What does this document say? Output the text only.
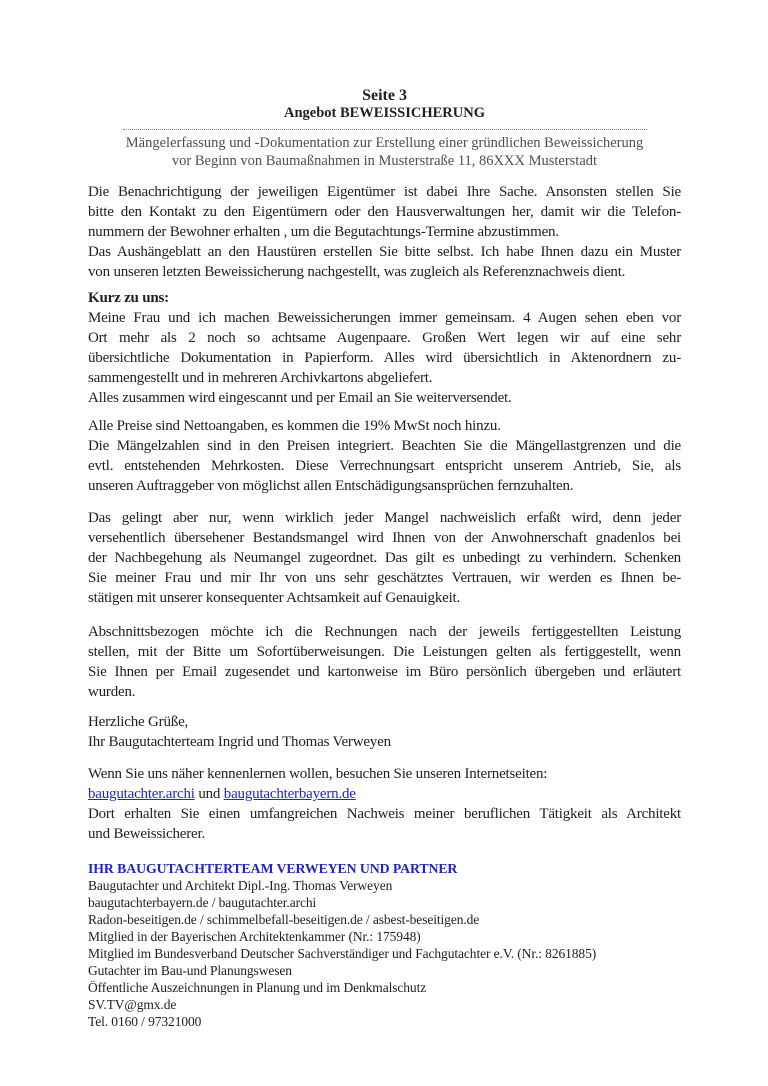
Seite 3
Angebot BEWEISSICHERUNG
Mängelerfassung und -Dokumentation zur Erstellung einer gründlichen Beweissicherung
vor Beginn von Baumaßnahmen in Musterstraße 11, 86XXX Musterstadt
Die Benachrichtigung der jeweiligen Eigentümer ist dabei Ihre Sache. Ansonsten stellen Sie
bitte den Kontakt zu den Eigentümern oder den Hausverwaltungen her, damit wir die Telefon-
nummern der Bewohner erhalten , um die Begutachtungs-Termine abzustimmen.
Das Aushängeblatt an den Haustüren erstellen Sie bitte selbst. Ich habe Ihnen dazu ein Muster
von unseren letzten Beweissicherung nachgestellt, was zugleich als Referenznachweis dient.
Kurz zu uns:
Meine Frau und ich machen Beweissicherungen immer gemeinsam. 4 Augen sehen eben vor
Ort mehr als 2 noch so achtsame Augenpaare. Großen Wert legen wir auf eine sehr
übersichtliche Dokumentation in Papierform. Alles wird übersichtlich in Aktenordnern zu-
sammengestellt und in mehreren Archivkartons abgeliefert.
Alles zusammen wird eingescannt und per Email an Sie weiterversendet.
Alle Preise sind Nettoangaben, es kommen die 19% MwSt noch hinzu.
Die Mängelzahlen sind in den Preisen integriert. Beachten Sie die Mängellastgrenzen und die
evtl. entstehenden Mehrkosten. Diese Verrechnungsart entspricht unserem Antrieb, Sie, als
unseren Auftraggeber von möglichst allen Entschädigungsansprüchen fernzuhalten.
Das gelingt aber nur, wenn wirklich jeder Mangel nachweislich erfaßt wird, denn jeder
versehentlich übersehener Bestandsmangel wird Ihnen von der Anwohnerschaft gnadenlos bei
der Nachbegehung als Neumangel zugeordnet. Das gilt es unbedingt zu verhindern. Schenken
Sie meiner Frau und mir Ihr von uns sehr geschätztes Vertrauen, wir werden es Ihnen be-
stätigen mit unserer konsequenter Achtsamkeit auf Genauigkeit.
Abschnittsbezogen möchte ich die Rechnungen nach der jeweils fertiggestellten Leistung
stellen, mit der Bitte um Sofortüberweisungen. Die Leistungen gelten als fertiggestellt, wenn
Sie Ihnen per Email zugesendet und kartonweise im Büro persönlich übergeben und erläutert
wurden.
Herzliche Grüße,
Ihr Baugutachterteam Ingrid und Thomas Verweyen
Wenn Sie uns näher kennenlernen wollen, besuchen Sie unseren Internetseiten:
baugutachter.archi und baugutachterbayern.de
Dort erhalten Sie einen umfangreichen Nachweis meiner beruflichen Tätigkeit als Architekt
und Beweissicherer.
IHR BAUGUTACHTERTEAM VERWEYEN UND PARTNER
Baugutachter und Architekt Dipl.-Ing. Thomas Verweyen
baugutachterbayern.de / baugutachter.archi
Radon-beseitigen.de / schimmelbefall-beseitigen.de / asbest-beseitigen.de
Mitglied in der Bayerischen Architektenkammer (Nr.: 175948)
Mitglied im Bundesverband Deutscher Sachverständiger und Fachgutachter e.V. (Nr.: 8261885)
Gutachter im Bau-und Planungswesen
Öffentliche Auszeichnungen in Planung und im Denkmalschutz
SV.TV@gmx.de
Tel. 0160 / 97321000
